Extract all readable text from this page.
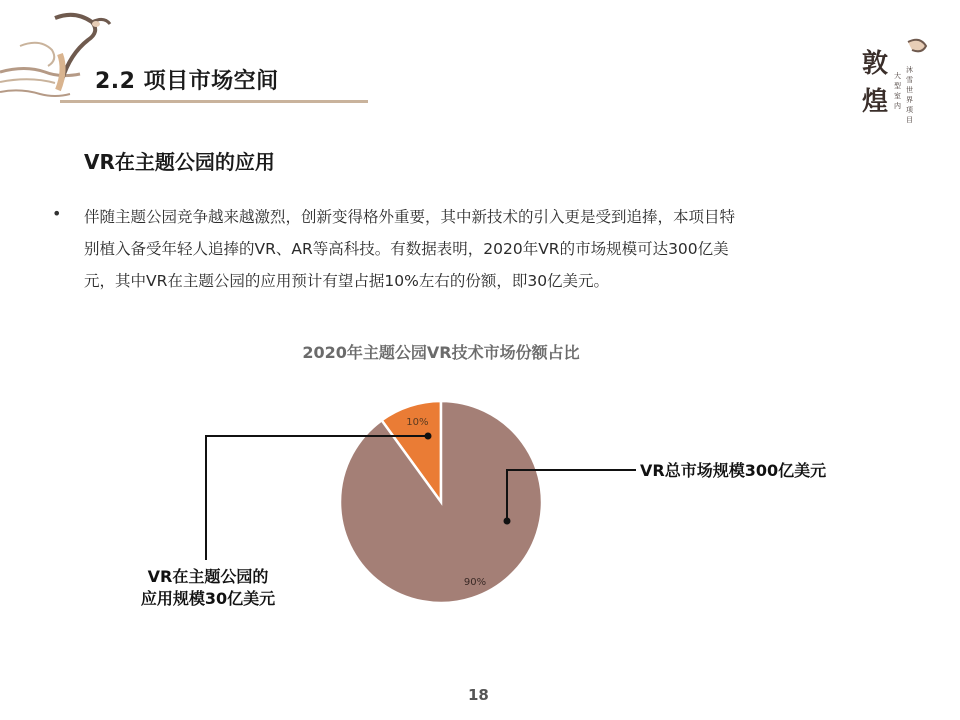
2.2 项目市场空间
敦
煌
大
型
室
内
沐
雪
世
界
项
目
VR在主题公园的应用
• 伴随主题公园竞争越来越激烈，创新变得格外重要，其中新技术的引入更是受到追捧，本项目特
别植入备受年轻人追捧的VR、AR等高科技。有数据表明，2020年VR的市场规模可达300亿美
元，其中VR在主题公园的应用预计有望占据10%左右的份额，即30亿美元。
2020年主题公园VR技术市场份额占比
10%
90%
VR总市场规模300亿美元
VR在主题公园的
应用规模30亿美元
18
